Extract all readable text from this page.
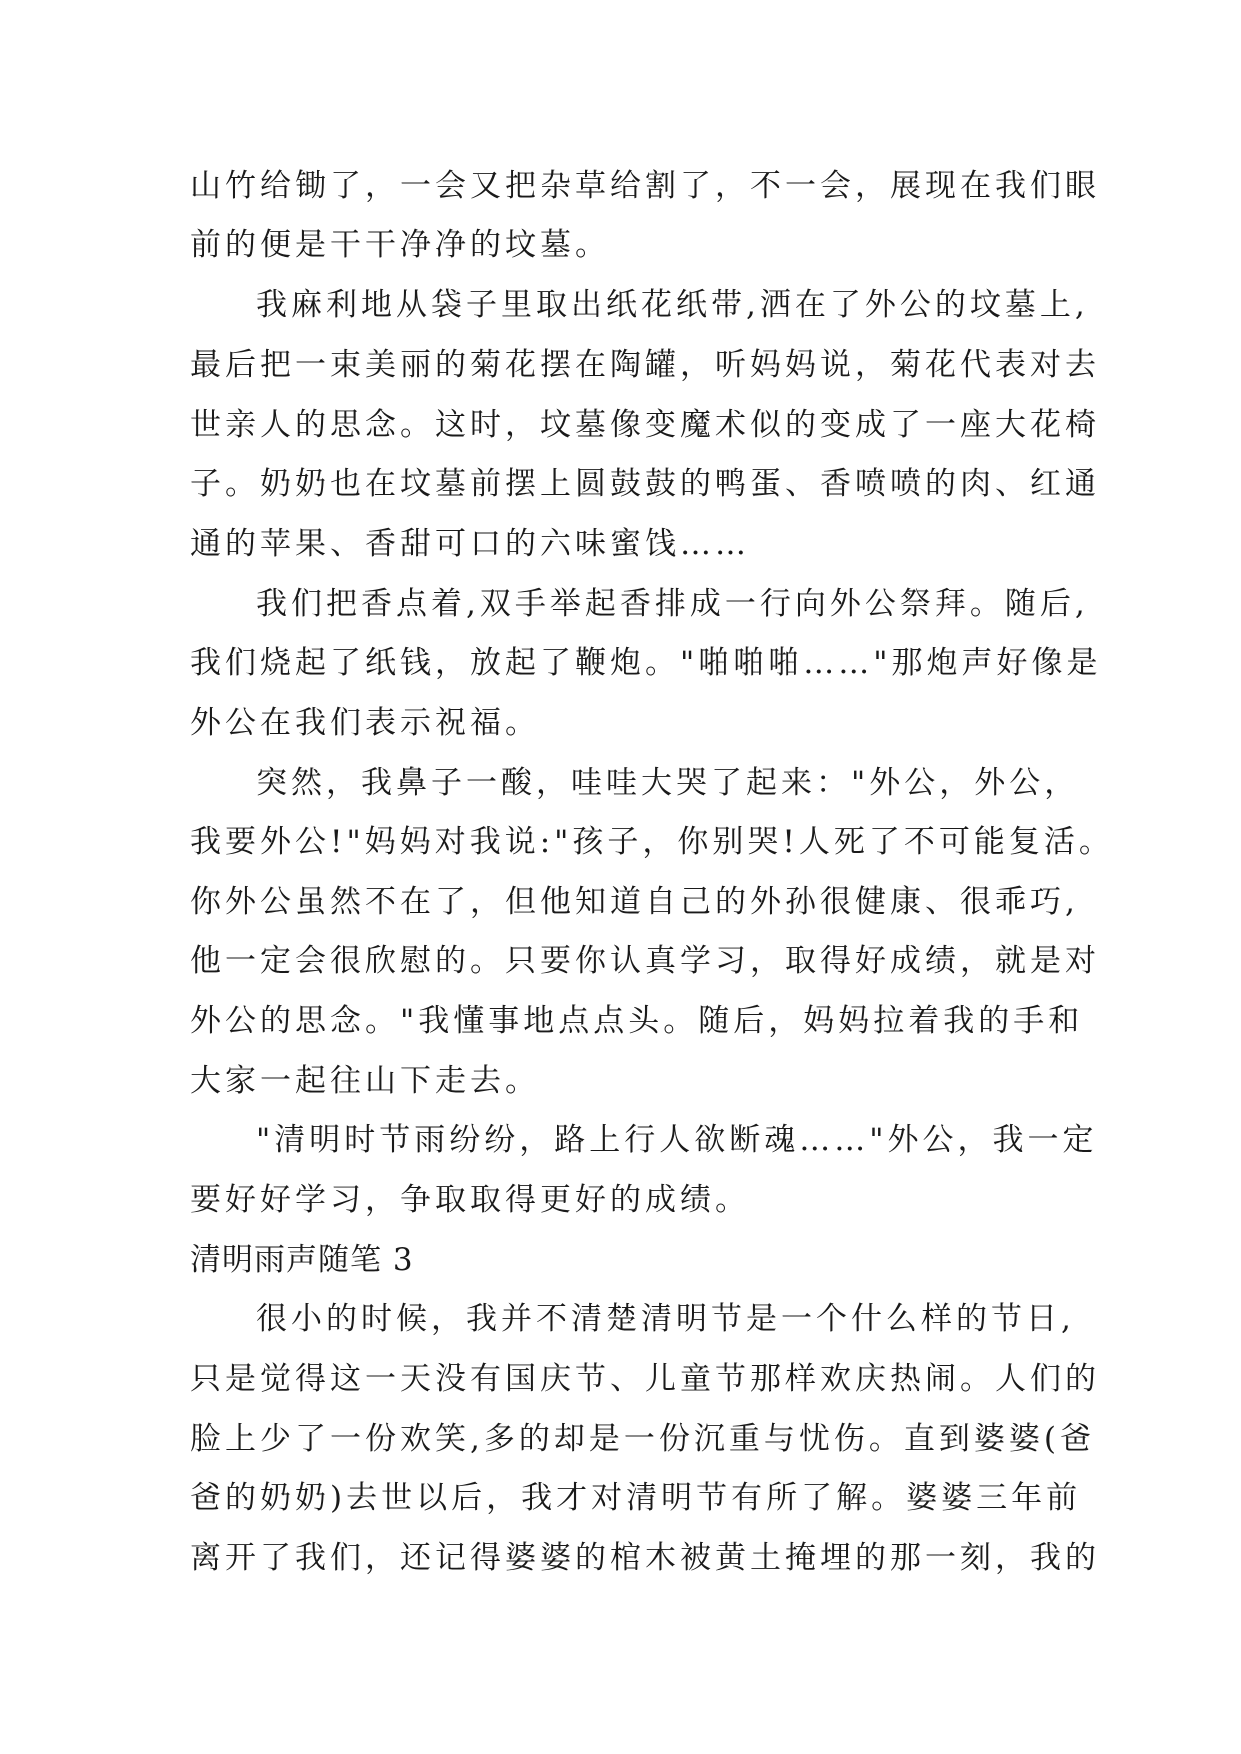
山竹给锄了，一会又把杂草给割了，不一会，展现在我们眼
前的便是干干净净的坟墓。
我麻利地从袋子里取出纸花纸带,洒在了外公的坟墓上,
最后把一束美丽的菊花摆在陶罐，听妈妈说，菊花代表对去
世亲人的思念。这时，坟墓像变魔术似的变成了一座大花椅
子。奶奶也在坟墓前摆上圆鼓鼓的鸭蛋、香喷喷的肉、红通
通的苹果、香甜可口的六味蜜饯……
我们把香点着,双手举起香排成一行向外公祭拜。随后,
我们烧起了纸钱，放起了鞭炮。"啪啪啪……"那炮声好像是
外公在我们表示祝福。
突然，我鼻子一酸，哇哇大哭了起来："外公，外公，
我要外公!"妈妈对我说:"孩子，你别哭!人死了不可能复活。
你外公虽然不在了，但他知道自己的外孙很健康、很乖巧,
他一定会很欣慰的。只要你认真学习，取得好成绩，就是对
外公的思念。"我懂事地点点头。随后，妈妈拉着我的手和
大家一起往山下走去。
"清明时节雨纷纷，路上行人欲断魂……"外公，我一定
要好好学习，争取取得更好的成绩。
清明雨声随笔 3
很小的时候，我并不清楚清明节是一个什么样的节日,
只是觉得这一天没有国庆节、儿童节那样欢庆热闹。人们的
脸上少了一份欢笑,多的却是一份沉重与忧伤。直到婆婆(爸
爸的奶奶)去世以后，我才对清明节有所了解。婆婆三年前
离开了我们，还记得婆婆的棺木被黄土掩埋的那一刻，我的
